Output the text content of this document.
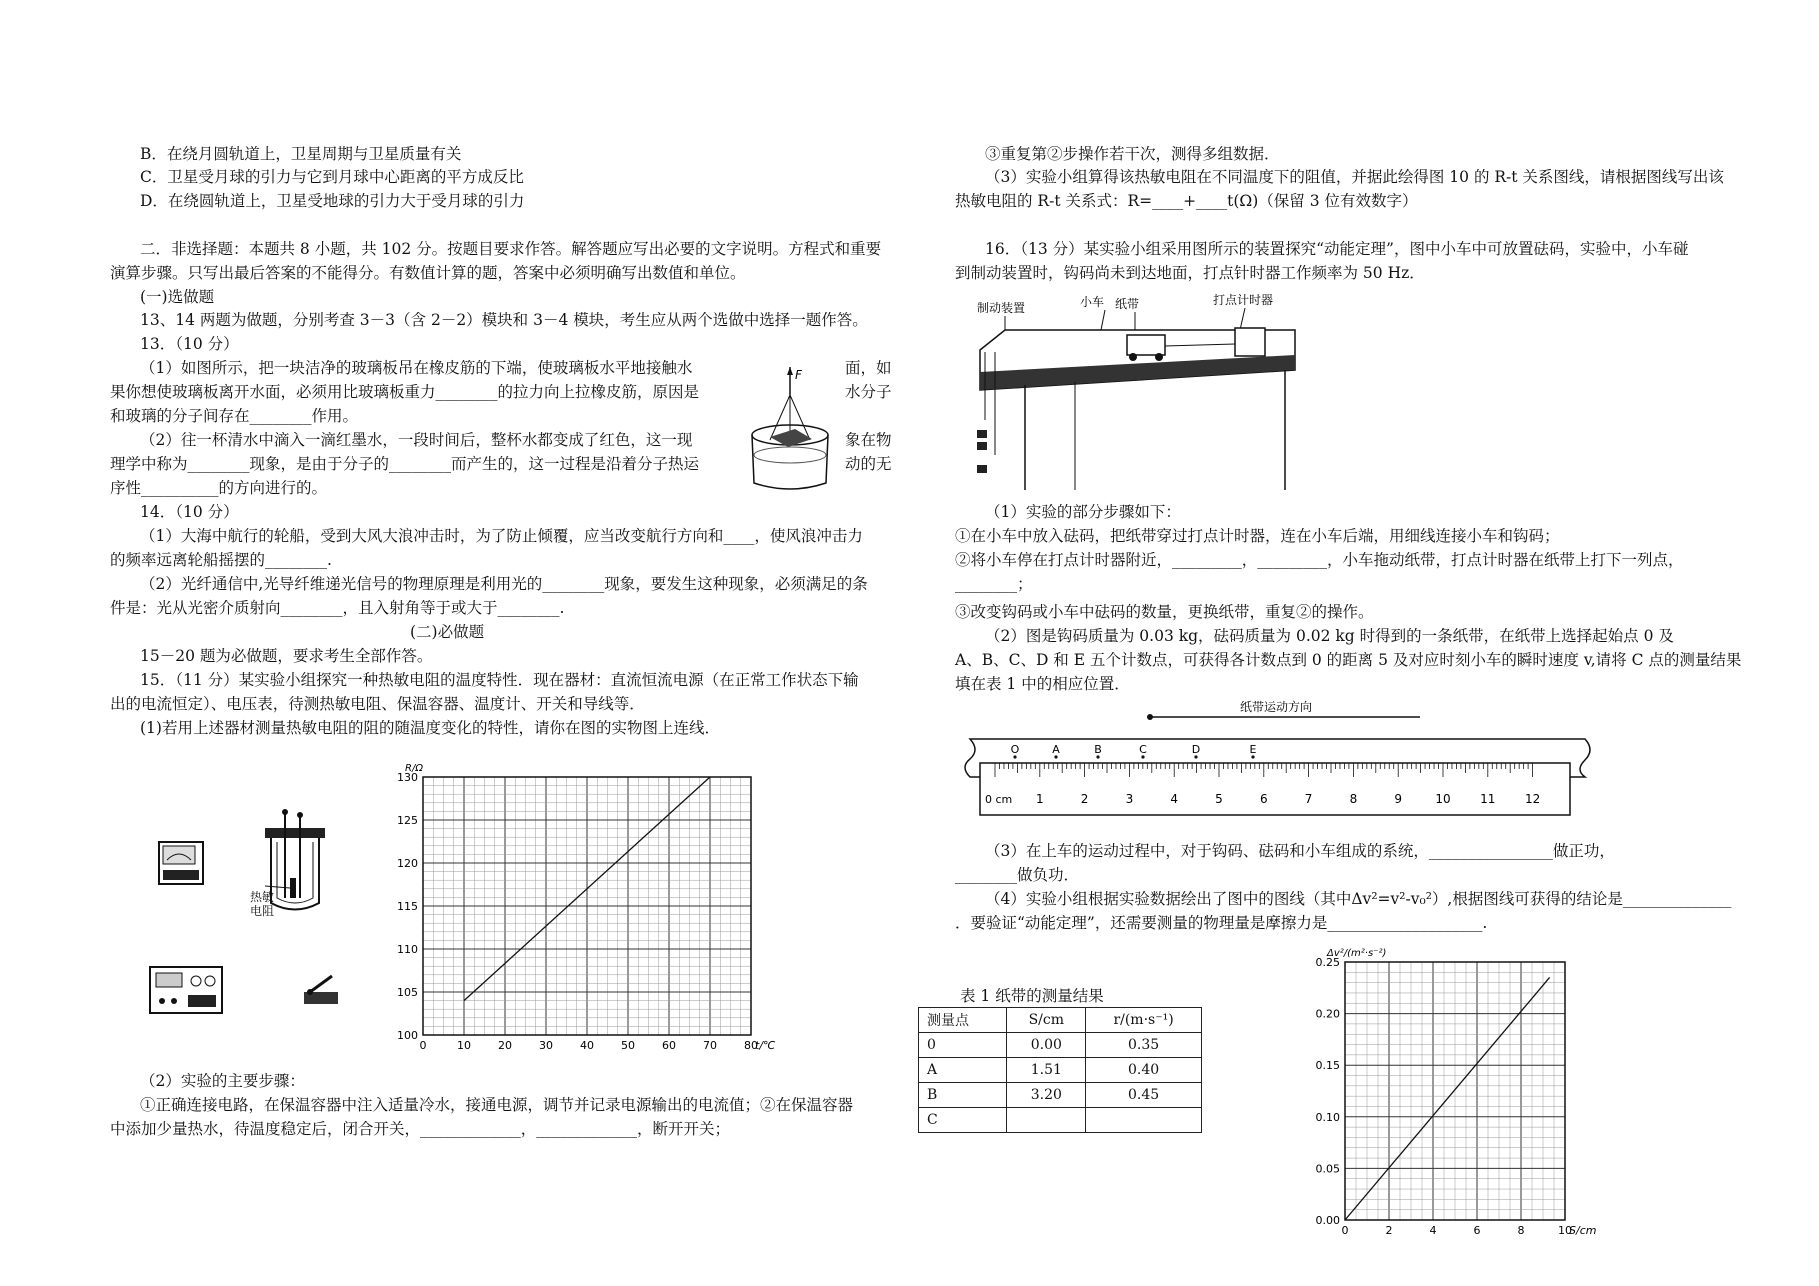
B．在绕月圆轨道上，卫星周期与卫星质量有关
C．卫星受月球的引力与它到月球中心距离的平方成反比
D．在绕圆轨道上，卫星受地球的引力大于受月球的引力
二．非选择题：本题共 8 小题，共 102 分。按题目要求作答。解答题应写出必要的文字说明。方程式和重要
演算步骤。只写出最后答案的不能得分。有数值计算的题，答案中必须明确写出数值和单位。
(一)选做题
13、14 两题为做题，分别考查 3－3（含 2－2）模块和 3－4 模块，考生应从两个选做中选择一题作答。
13．（10 分）
（1）如图所示，把一块洁净的玻璃板吊在橡皮筋的下端，使玻璃板水平地接触水
果你想使玻璃板离开水面，必须用比玻璃板重力________的拉力向上拉橡皮筋，原因是
和玻璃的分子间存在________作用。
（2）往一杯清水中滴入一滴红墨水，一段时间后，整杯水都变成了红色，这一现
理学中称为________现象，是由于分子的________而产生的，这一过程是沿着分子热运
序性__________的方向进行的。
14．（10 分）
（1）大海中航行的轮船，受到大风大浪冲击时，为了防止倾覆，应当改变航行方向和____，使风浪冲击力
的频率远离轮船摇摆的________.
（2）光纤通信中,光导纤维递光信号的物理原理是利用光的________现象，要发生这种现象，必须满足的条
件是：光从光密介质射向________，且入射角等于或大于________.
(二)必做题
15－20 题为必做题，要求考生全部作答。
15．（11 分）某实验小组探究一种热敏电阻的温度特性．现在器材：直流恒流电源（在正常工作状态下输
出的电流恒定）、电压表，待测热敏电阻、保温容器、温度计、开关和导线等．
(1)若用上述器材测量热敏电阻的阻的随温度变化的特性，请你在图的实物图上连线．
（2）实验的主要步骤：
①正确连接电路，在保温容器中注入适量冷水，接通电源，调节并记录电源输出的电流值；②在保温容器
中添加少量热水，待温度稳定后，闭合开关，_____________，_____________，断开开关；
面，如
水分子
象在物
动的无
F
热敏
电阻
0	10 20 30 40 50 60 70 80
100
105
110
115
120
125
130
t/℃
R/Ω
③重复第②步操作若干次，测得多组数据．
（3）实验小组算得该热敏电阻在不同温度下的阻值，并据此绘得图 10 的 R-t 关系图线，请根据图线写出该
热敏电阻的 R-t 关系式：R=____+____t(Ω)（保留 3 位有效数字）
16．（13 分）某实验小组采用图所示的装置探究“动能定理”，图中小车中可放置砝码，实验中，小车碰
到制动装置时，钩码尚未到达地面，打点针时器工作频率为 50 Hz．
（1）实验的部分步骤如下：
①在小车中放入砝码，把纸带穿过打点计时器，连在小车后端，用细线连接小车和钩码；
②将小车停在打点计时器附近，_________，_________，小车拖动纸带，打点计时器在纸带上打下一列点，
________；
③改变钩码或小车中砝码的数量，更换纸带，重复②的操作。
（2）图是钩码质量为 0.03 kg，砝码质量为 0.02 kg 时得到的一条纸带，在纸带上选择起始点 0 及
A、B、C、D 和 E 五个计数点，可获得各计数点到 0 的距离 5 及对应时刻小车的瞬时速度 v,请将 C 点的测量结果
填在表 1 中的相应位置．
（3）在上车的运动过程中，对于钩码、砝码和小车组成的系统，________________做正功，
________做负功．
（4）实验小组根据实验数据绘出了图中的图线（其中Δv²=v²-v₀²）,根据图线可获得的结论是______________
．要验证“动能定理”，还需要测量的物理量是摩擦力是____________________.
制动装置	小车 纸带	打点计时器
纸带运动方向
O	A	B	C	D	E
0 cm 1	2	3	4	5	6	7	8	9	10 11 12
表 1 纸带的测量结果
测量点	S/cm	r/(m·s⁻¹)
0	0.00	0.35
A	1.51	0.40
B	3.20	0.45
C		
0	2	4	6	8	10
0.00
0.05
0.10
0.15
0.20
0.25
S/cm
Δv²/(m²·s⁻²)
